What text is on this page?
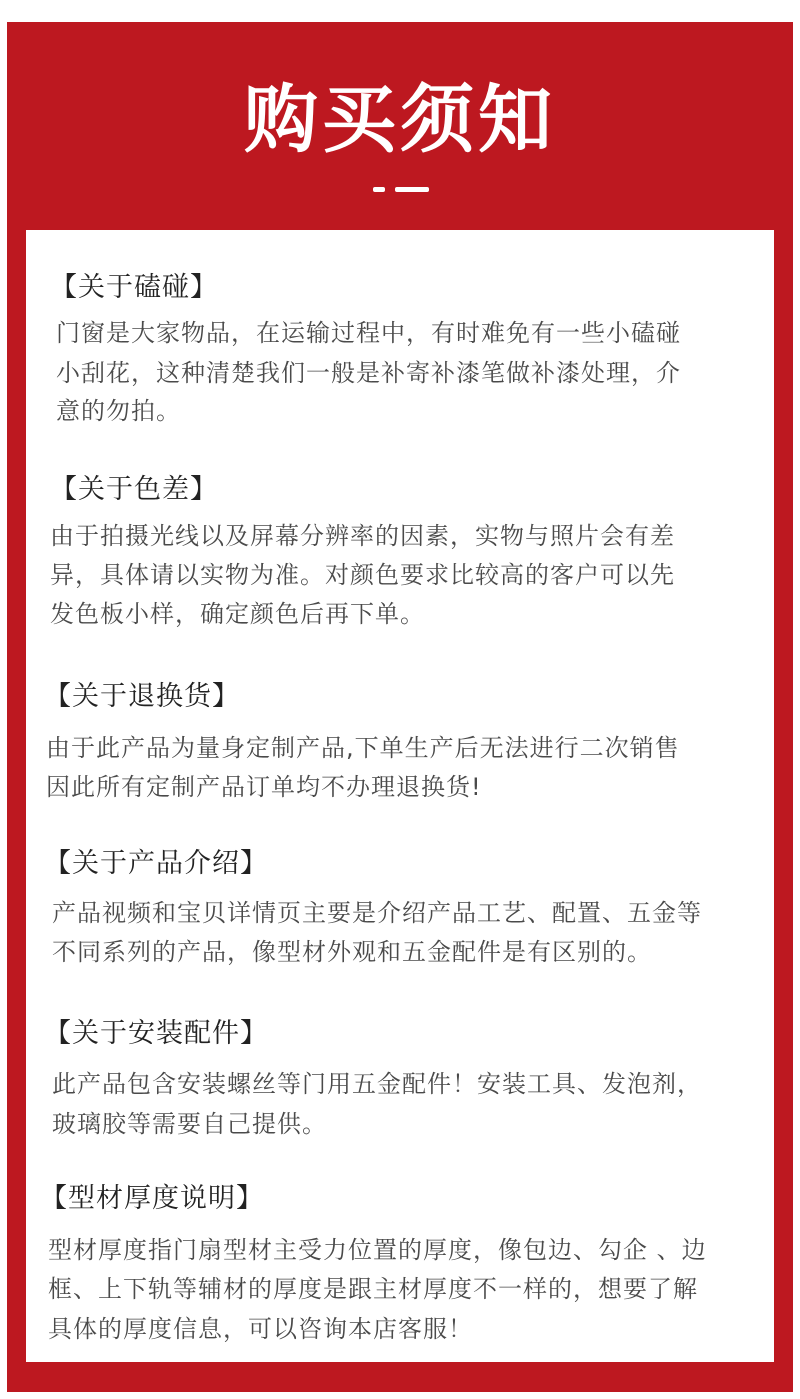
购买须知
【关于磕碰】
门窗是大家物品，在运输过程中，有时难免有一些小磕碰
小刮花，这种清楚我们一般是补寄补漆笔做补漆处理，介
意的勿拍。
【关于色差】
由于拍摄光线以及屏幕分辨率的因素，实物与照片会有差
异，具体请以实物为准。对颜色要求比较高的客户可以先
发色板小样，确定颜色后再下单。
【关于退换货】
由于此产品为量身定制产品,下单生产后无法进行二次销售
因此所有定制产品订单均不办理退换货!
【关于产品介绍】
产品视频和宝贝详情页主要是介绍产品工艺、配置、五金等
不同系列的产品，像型材外观和五金配件是有区别的。
【关于安装配件】
此产品包含安装螺丝等门用五金配件！安装工具、发泡剂，
玻璃胶等需要自己提供。
【型材厚度说明】
型材厚度指门扇型材主受力位置的厚度，像包边、勾企 、边
框、上下轨等辅材的厚度是跟主材厚度不一样的，想要了解
具体的厚度信息，可以咨询本店客服！
